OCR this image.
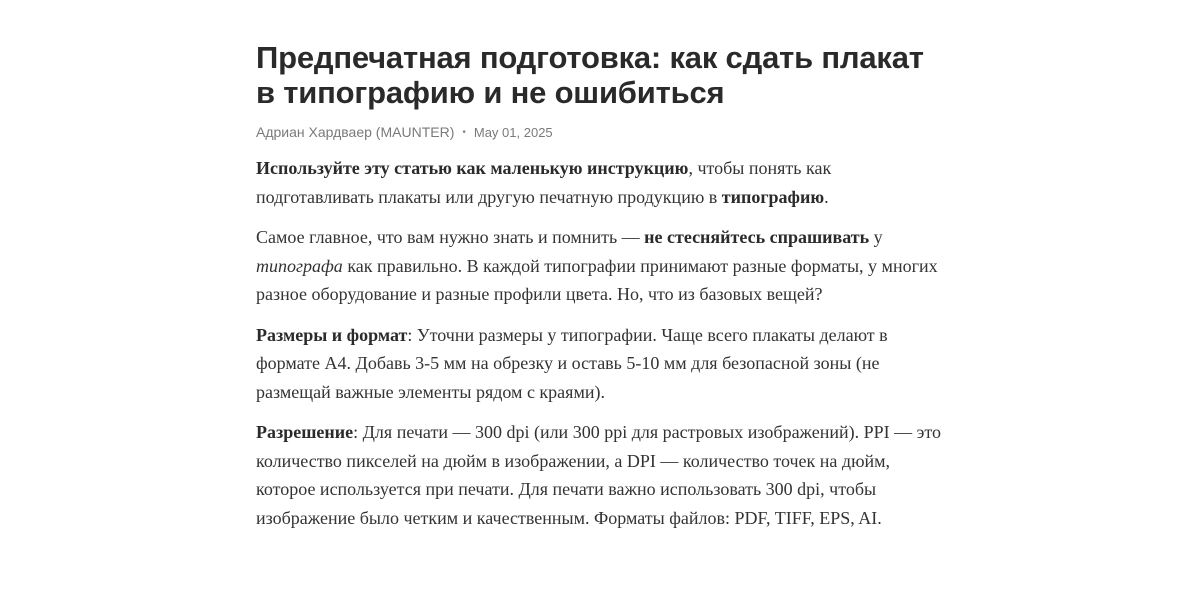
Предпечатная подготовка: как сдать плакат в типографию и не ошибиться
Адриан Хардваер (MAUNTER) • May 01, 2025

Используйте эту статью как маленькую инструкцию, чтобы понять как подготавливать плакаты или другую печатную продукцию в типографию.

Самое главное, что вам нужно знать и помнить — не стесняйтесь спрашивать у типографа как правильно. В каждой типографии принимают разные форматы, у многих разное оборудование и разные профили цвета. Но, что из базовых вещей?

Размеры и формат: Уточни размеры у типографии. Чаще всего плакаты делают в формате А4. Добавь 3-5 мм на обрезку и оставь 5-10 мм для безопасной зоны (не размещай важные элементы рядом с краями).

Разрешение: Для печати — 300 dpi (или 300 ppi для растровых изображений). PPI — это количество пикселей на дюйм в изображении, а DPI — количество точек на дюйм, которое используется при печати. Для печати важно использовать 300 dpi, чтобы изображение было четким и качественным. Форматы файлов: PDF, TIFF, EPS, AI.
